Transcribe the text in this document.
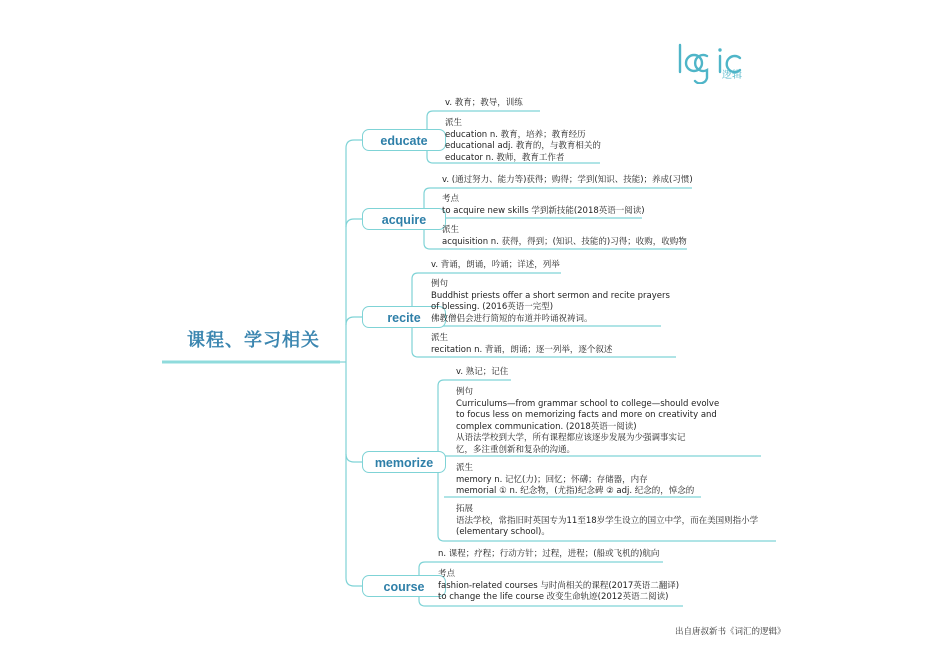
逻辑
课程、学习相关
educate
v. 教育；教导，训练
派生
education n. 教育，培养；教育经历
educational adj. 教育的，与教育相关的
educator n. 教师，教育工作者
acquire
v. (通过努力、能力等)获得；购得；学到(知识、技能)；养成(习惯)
考点
to acquire new skills 学到新技能(2018英语一阅读)
派生
acquisition n. 获得，得到；(知识、技能的)习得；收购，收购物
recite
v. 背诵，朗诵，吟诵；详述，列举
例句
Buddhist priests offer a short sermon and recite prayers
of blessing. (2016英语一完型)
佛教僧侣会进行简短的布道并吟诵祝祷词。
派生
recitation n. 背诵，朗诵；逐一列举，逐个叙述
memorize
v. 熟记；记住
例句
Curriculums—from grammar school to college—should evolve
to focus less on memorizing facts and more on creativity and
complex communication. (2018英语一阅读)
从语法学校到大学，所有课程都应该逐步发展为少强调事实记
忆，多注重创新和复杂的沟通。
派生
memory n. 记忆(力)；回忆；怀礴；存储器，内存
memorial ① n. 纪念物，(尤指)纪念碑 ② adj. 纪念的，悼念的
拓展
语法学校，常指旧时英国专为11至18岁学生设立的国立中学，而在美国则指小学
(elementary school)。
course
n. 课程；疗程；行动方针；过程，进程；(船或飞机的)航向
考点
fashion-related courses 与时尚相关的课程(2017英语二翻译)
to change the life course 改变生命轨迹(2012英语二阅读)
出自唐叔新书《词汇的逻辑》
